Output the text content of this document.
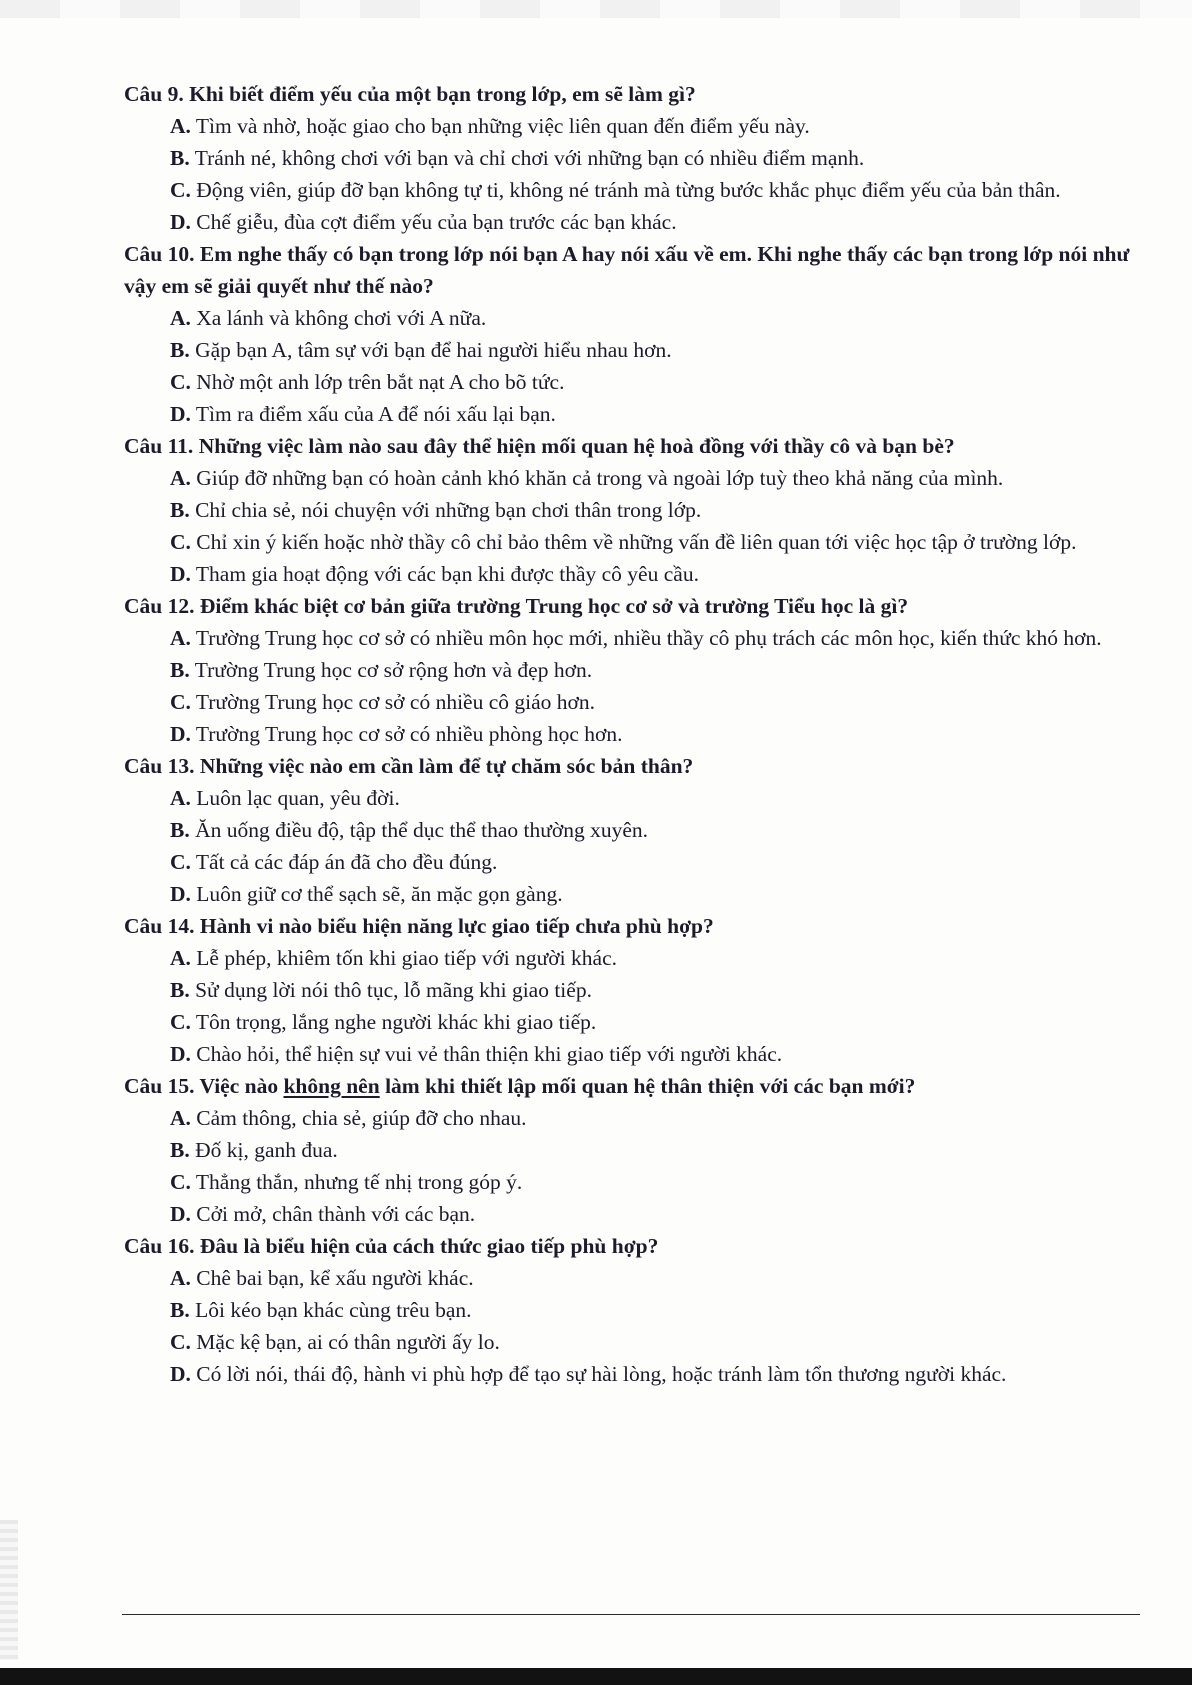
Câu 9. Khi biết điểm yếu của một bạn trong lớp, em sẽ làm gì?

A. Tìm và nhờ, hoặc giao cho bạn những việc liên quan đến điểm yếu này.

B. Tránh né, không chơi với bạn và chỉ chơi với những bạn có nhiều điểm mạnh.

C. Động viên, giúp đỡ bạn không tự ti, không né tránh mà từng bước khắc phục điểm yếu của bản thân.

D. Chế giễu, đùa cợt điểm yếu của bạn trước các bạn khác.

Câu 10. Em nghe thấy có bạn trong lớp nói bạn A hay nói xấu về em. Khi nghe thấy các bạn trong lớp nói như vậy em sẽ giải quyết như thế nào?

A. Xa lánh và không chơi với A nữa.

B. Gặp bạn A, tâm sự với bạn để hai người hiểu nhau hơn.

C. Nhờ một anh lớp trên bắt nạt A cho bõ tức.

D. Tìm ra điểm xấu của A để nói xấu lại bạn.

Câu 11. Những việc làm nào sau đây thể hiện mối quan hệ hoà đồng với thầy cô và bạn bè?

A. Giúp đỡ những bạn có hoàn cảnh khó khăn cả trong và ngoài lớp tuỳ theo khả năng của mình.

B. Chỉ chia sẻ, nói chuyện với những bạn chơi thân trong lớp.

C. Chỉ xin ý kiến hoặc nhờ thầy cô chỉ bảo thêm về những vấn đề liên quan tới việc học tập ở trường lớp.

D. Tham gia hoạt động với các bạn khi được thầy cô yêu cầu.

Câu 12. Điểm khác biệt cơ bản giữa trường Trung học cơ sở và trường Tiểu học là gì?

A. Trường Trung học cơ sở có nhiều môn học mới, nhiều thầy cô phụ trách các môn học, kiến thức khó hơn.

B. Trường Trung học cơ sở rộng hơn và đẹp hơn.

C. Trường Trung học cơ sở có nhiều cô giáo hơn.

D. Trường Trung học cơ sở có nhiều phòng học hơn.

Câu 13. Những việc nào em cần làm để tự chăm sóc bản thân?

A. Luôn lạc quan, yêu đời.

B. Ăn uống điều độ, tập thể dục thể thao thường xuyên.

C. Tất cả các đáp án đã cho đều đúng.

D. Luôn giữ cơ thể sạch sẽ, ăn mặc gọn gàng.

Câu 14. Hành vi nào biểu hiện năng lực giao tiếp chưa phù hợp?

A. Lễ phép, khiêm tốn khi giao tiếp với người khác.

B. Sử dụng lời nói thô tục, lỗ mãng khi giao tiếp.

C. Tôn trọng, lắng nghe người khác khi giao tiếp.

D. Chào hỏi, thể hiện sự vui vẻ thân thiện khi giao tiếp với người khác.

Câu 15. Việc nào không nên làm khi thiết lập mối quan hệ thân thiện với các bạn mới?

A. Cảm thông, chia sẻ, giúp đỡ cho nhau.

B. Đố kị, ganh đua.

C. Thẳng thắn, nhưng tế nhị trong góp ý.

D. Cởi mở, chân thành với các bạn.

Câu 16. Đâu là biểu hiện của cách thức giao tiếp phù hợp?

A. Chê bai bạn, kể xấu người khác.

B. Lôi kéo bạn khác cùng trêu bạn.

C. Mặc kệ bạn, ai có thân người ấy lo.

D. Có lời nói, thái độ, hành vi phù hợp để tạo sự hài lòng, hoặc tránh làm tổn thương người khác.
